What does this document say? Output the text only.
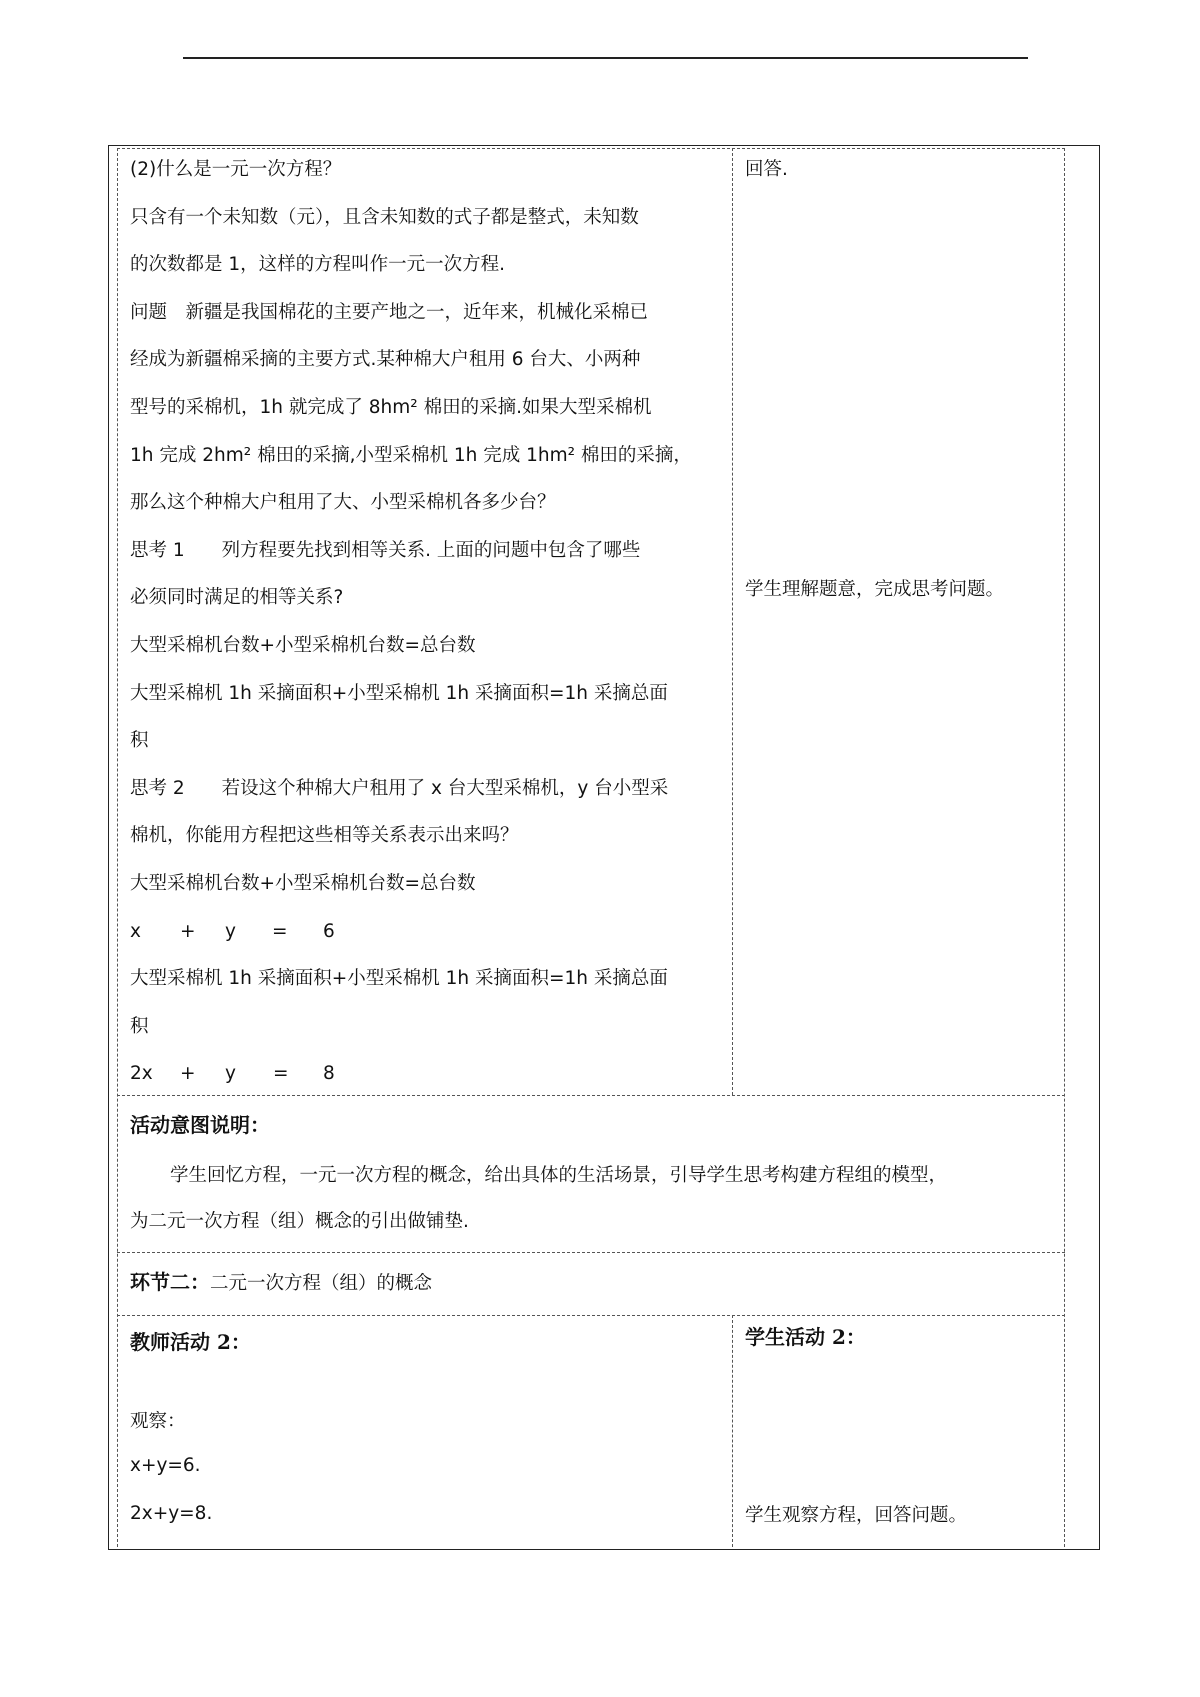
(2)什么是一元一次方程？

只含有一个未知数（元），且含未知数的式子都是整式，未知数

的次数都是 1，这样的方程叫作一元一次方程.

问题　新疆是我国棉花的主要产地之一，近年来，机械化采棉已

经成为新疆棉采摘的主要方式.某种棉大户租用 6 台大、小两种

型号的采棉机，1h 就完成了 8hm² 棉田的采摘.如果大型采棉机

1h 完成 2hm² 棉田的采摘,小型采棉机 1h 完成 1hm² 棉田的采摘，

那么这个种棉大户租用了大、小型采棉机各多少台？

思考 1　　列方程要先找到相等关系. 上面的问题中包含了哪些

必须同时满足的相等关系?

大型采棉机台数+小型采棉机台数=总台数

大型采棉机 1h 采摘面积+小型采棉机 1h 采摘面积=1h 采摘总面

积

思考 2　　若设这个种棉大户租用了 x 台大型采棉机，y 台小型采

棉机，你能用方程把这些相等关系表示出来吗？

大型采棉机台数+小型采棉机台数=总台数

x + y = 6

大型采棉机 1h 采摘面积+小型采棉机 1h 采摘面积=1h 采摘总面

积

2x + y = 8

回答.

学生理解题意，完成思考问题。

活动意图说明：

学生回忆方程，一元一次方程的概念，给出具体的生活场景，引导学生思考构建方程组的模型，

为二元一次方程（组）概念的引出做铺垫.

环节二：二元一次方程（组）的概念

教师活动 2：

观察：

x+y=6.

2x+y=8.

学生活动 2：

学生观察方程，回答问题。
